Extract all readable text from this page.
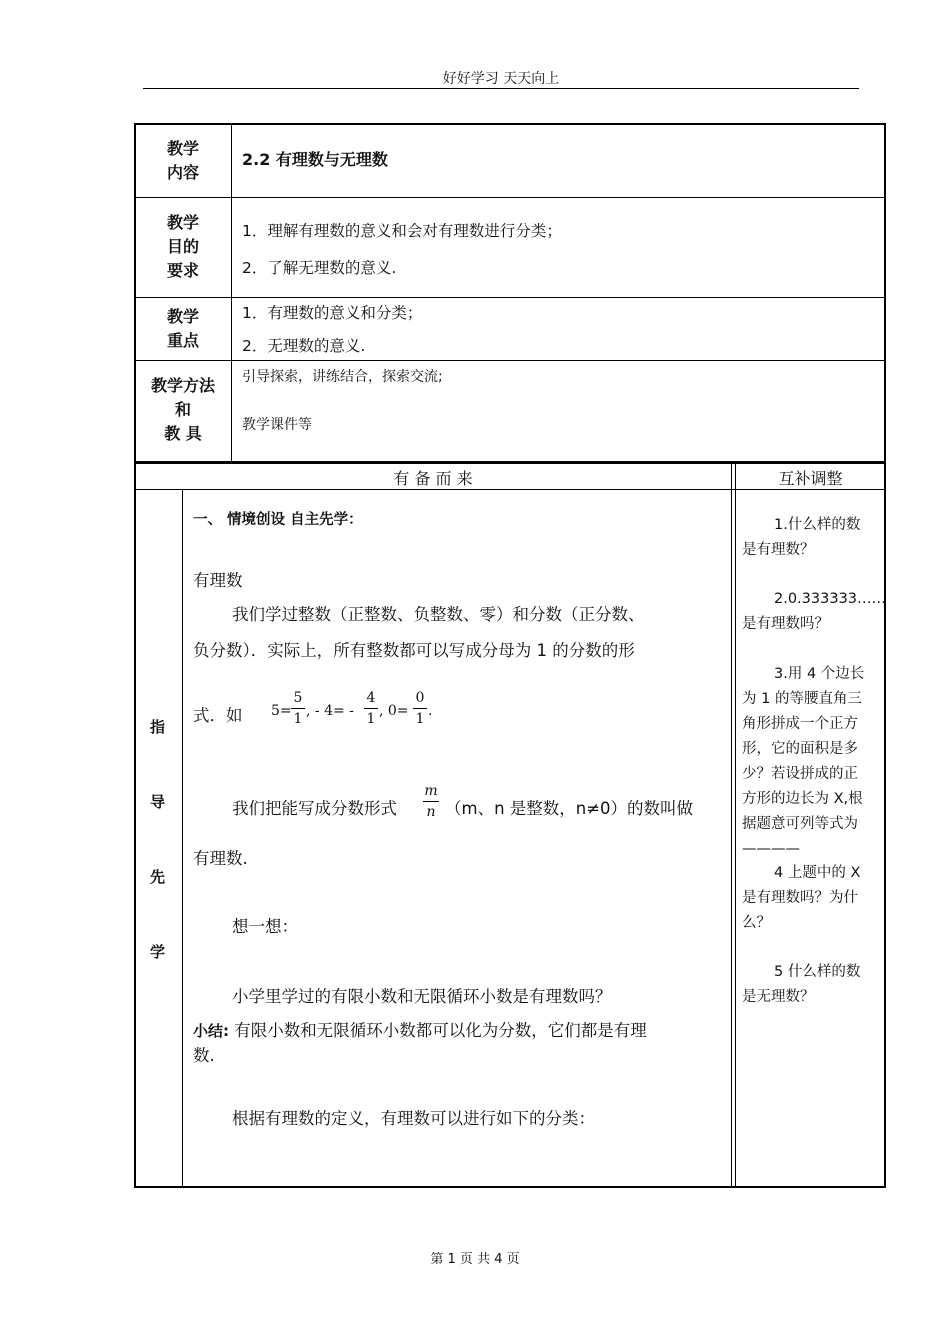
好好学习 天天向上
教学
内容
2.2 有理数与无理数
教学
目的
要求
1．理解有理数的意义和会对有理数进行分类；
2．了解无理数的意义.
教学
重点
1．有理数的意义和分类；
2．无理数的意义.
教学方法
和
教 具
引导探索，讲练结合，探索交流;
教学课件等
有 备 而 来	互补调整
指
导
先
学
一、 情境创设 自主先学：
有理数
我们学过整数（正整数、负整数、零）和分数（正分数、
负分数）．实际上，所有整数都可以写成分母为 1 的分数的形
式．如 5=
5
1 , - 4= -
4
1 , 0=
0
1 .
我们把能写成分数形式
m
n （m、n 是整数，n≠0）的数叫做
有理数.
想一想：
小学里学过的有限小数和无限循环小数是有理数吗？
小结: 有限小数和无限循环小数都可以化为分数，它们都是有理
数.
根据有理数的定义，有理数可以进行如下的分类：
1.什么样的数
是有理数？
2.0.333333……
是有理数吗？
3.用 4 个边长
为 1 的等腰直角三
角形拼成一个正方
形，它的面积是多
少？若设拼成的正
方形的边长为 X,根
据题意可列等式为
————
4 上题中的 X
是有理数吗？为什
么？
5 什么样的数
是无理数？
第 1 页 共 4 页
